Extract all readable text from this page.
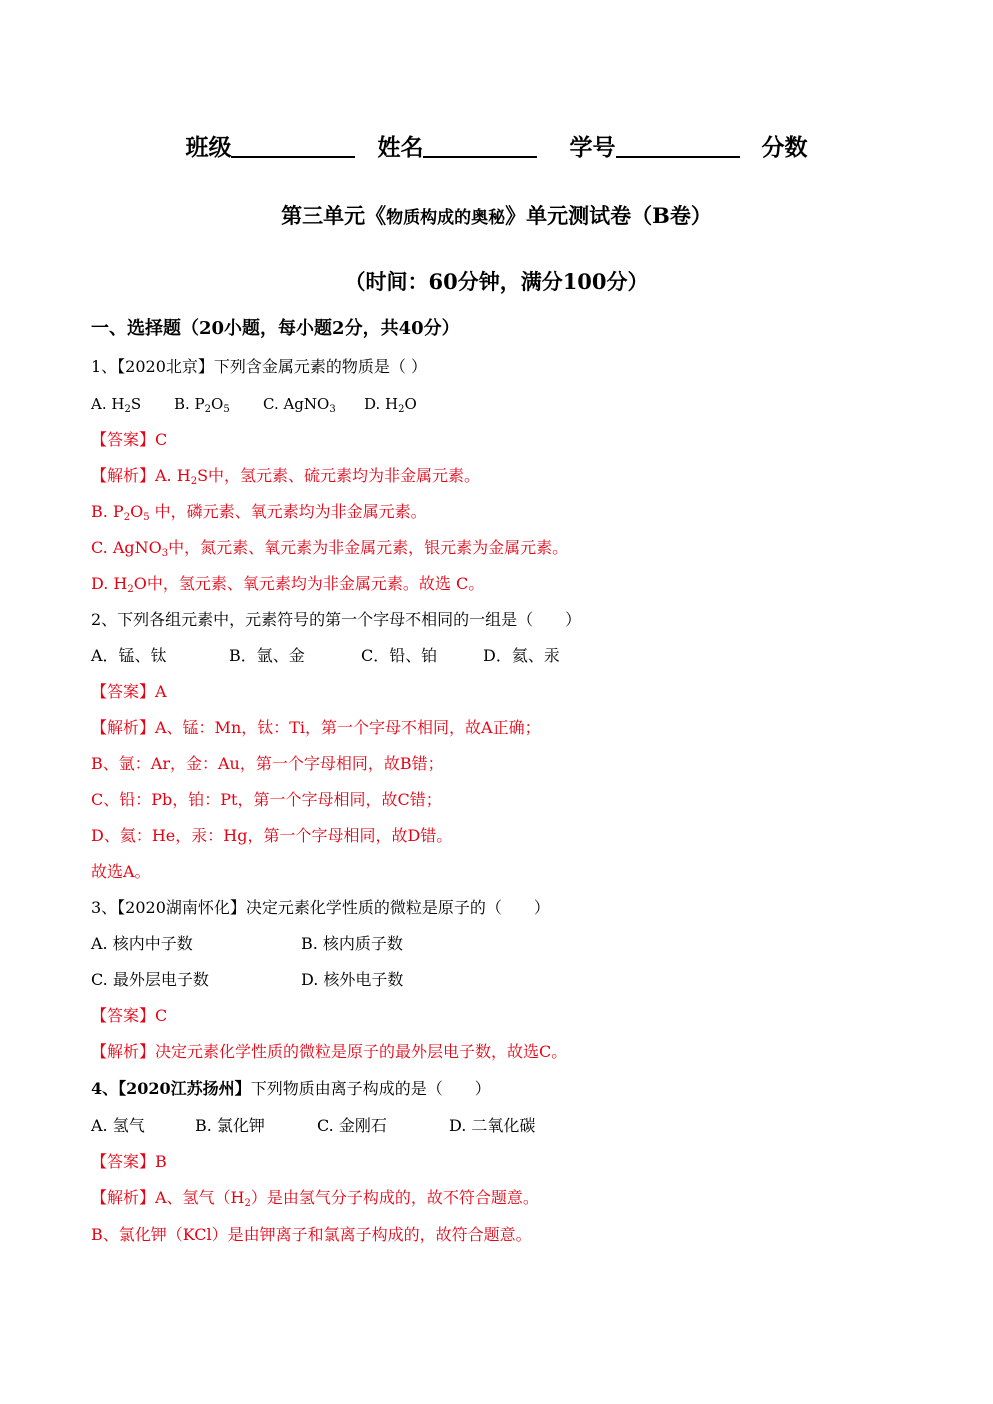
班级	姓名	学号	分数
第三单元《物质构成的奥秘》单元测试卷（B卷）
（时间：60分钟，满分100分）
一、选择题（20小题，每小题2分，共40分）
1、【2020北京】下列含金属元素的物质是（ ）
A. $H_2S$ B. $P_2O_5$ C. AgNO$_3$ D. $H_2O$
【答案】C
【解析】A. $H_2S$中，氢元素、硫元素均为非金属元素。
B. $P_2O_5$ 中，磷元素、氧元素均为非金属元素。
C. AgNO$_3$中，氮元素、氧元素为非金属元素，银元素为金属元素。
D. $H_2O$中，氢元素、氧元素均为非金属元素。故选 C。
2、下列各组元素中，元素符号的第一个字母不相同的一组是（　　）
A．锰、钛	B．氩、金	C．铅、铂	D．氦、汞
【答案】A
【解析】A、锰：Mn，钛：Ti，第一个字母不相同，故A正确；
B、氩：Ar，金：Au，第一个字母相同，故B错；
C、铅：Pb，铂：Pt，第一个字母相同，故C错；
D、氦：He，汞：Hg，第一个字母相同，故D错。
故选A。
3、【2020湖南怀化】决定元素化学性质的微粒是原子的（　　）
A. 核内中子数	B. 核内质子数
C. 最外层电子数	D. 核外电子数
【答案】C
【解析】决定元素化学性质的微粒是原子的最外层电子数，故选C。
4、【2020江苏扬州】下列物质由离子构成的是（　　）
A. 氢气	B. 氯化钾	C. 金刚石	D. 二氧化碳
【答案】B
【解析】A、氢气$(H_2)$是由氢气分子构成的，故不符合题意。
B、氯化钾（KCl）是由钾离子和氯离子构成的，故符合题意。
